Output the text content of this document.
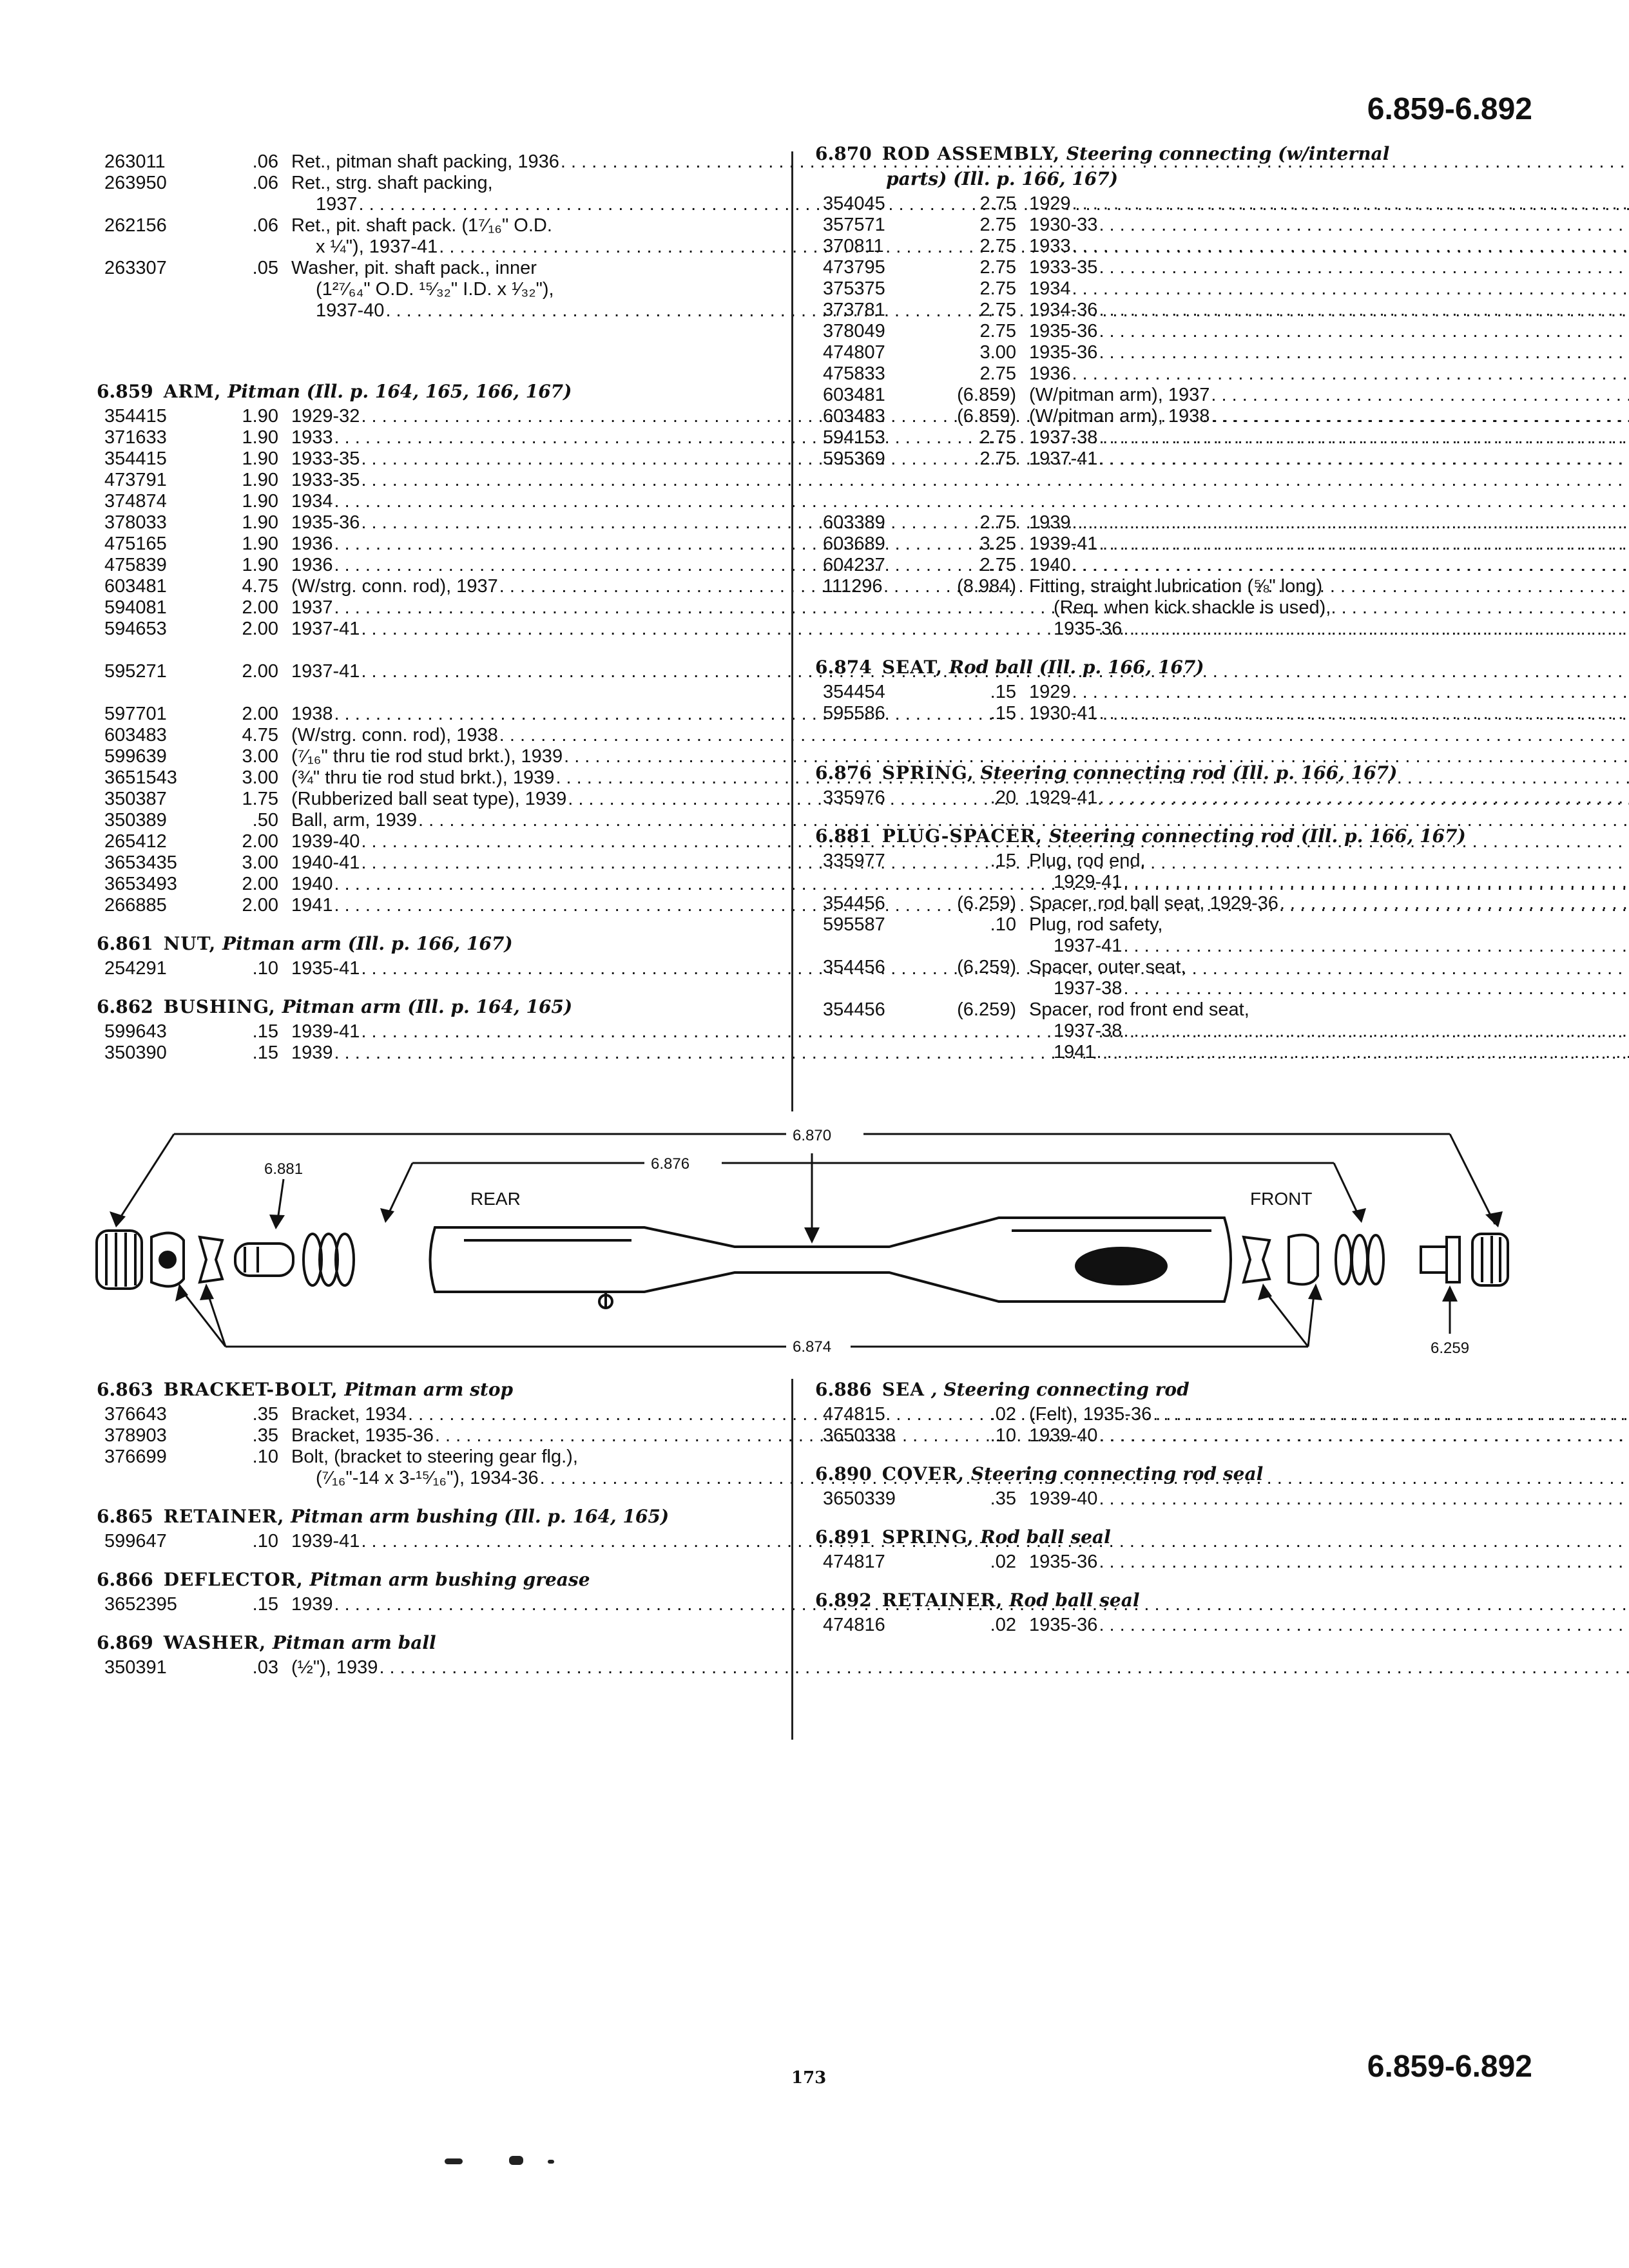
6.859-6.892
263011	.06 Ret., pitman shaft packing, 1936
. . .
263950	.06 Ret., strg. shaft packing,
1937
. . .
262156	.06 Ret., pit. shaft pack. (1⁷⁄₁₆" O.D.
x ¼"), 1937-41
. . .
263307	.05 Washer, pit. shaft pack., inner
(1²⁷⁄₆₄" O.D. ¹⁵⁄₃₂" I.D. x ¹⁄₃₂"),
1937-40
. . .
6.859 ARM, Pitman (Ill. p. 164, 165, 166, 167)
354415	1.90 1929-32
. . .
371633	1.90 1933
. . .
354415	1.90 1933-35
. . .
473791	1.90 1933-35
. . .
374874	1.90 1934
. . .
378033	1.90 1935-36
. . .
475165	1.90 1936
. . .
475839	1.90 1936
. . .
603481	4.75 (W/strg. conn. rod), 1937
. . .
594081	2.00 1937
. . .
594653	2.00 1937-41
. . .
595271	2.00 1937-41
. . .
597701	2.00 1938
. . .
603483	4.75 (W/strg. conn. rod), 1938
. . .
599639	3.00 (⁷⁄₁₆" thru tie rod stud brkt.), 1939
. . .
3651543	3.00 (¾" thru tie rod stud brkt.), 1939
. . .
350387	1.75 (Rubberized ball seat type), 1939
. . .
350389	.50 Ball, arm, 1939
. . .
265412	2.00 1939-40
. . .
3653435	3.00 1940-41
. . .
3653493	2.00 1940
. . .
266885	2.00 1941
. . .
6.861 NUT, Pitman arm (Ill. p. 166, 167)
254291	.10 1935-41
. . .
6.862 BUSHING, Pitman arm (Ill. p. 164, 165)
599643	.15 1939-41
. . .
350390	.15 1939
. . .
6.870 ROD ASSEMBLY, Steering connecting (w/internal
parts) (Ill. p. 166, 167)
354045	2.75 1929
. . .
357571	2.75 1930-33
. . .
370811	2.75 1933
. . .
473795	2.75 1933-35
. . .
375375	2.75 1934
. . .
373781	2.75 1934-36
. . .
378049	2.75 1935-36
. . .
474807	3.00 1935-36
. . .
475833	2.75 1936
. . .
603481	(6.859) (W/pitman arm), 1937
. . .
603483	(6.859) (W/pitman arm), 1938
. . .
594153	2.75 1937-38
. . .
595369	2.75 1937-41
. . .
603389	2.75 1939
. . .
603689	3.25 1939-41
. . .
604237	2.75 1940
. . .
111296	(8.984) Fitting, straight lubrication (⅝" long)
(Req. when kick shackle is used),
1935-36
. . .
6.874 SEAT, Rod ball (Ill. p. 166, 167)
354454	.15 1929
. . .
595586	.15 1930-41
. . .
6.876 SPRING, Steering connecting rod (Ill. p. 166, 167)
335976	.20 1929-41
. . .
6.881 PLUG-SPACER, Steering connecting rod (Ill. p. 166, 167)
335977	.15 Plug, rod end,
1929-41
. . .
354456	(6.259) Spacer, rod ball seat, 1929-36
. . .
595587	.10 Plug, rod safety,
1937-41
. . .
354456	(6.259) Spacer, outer seat,
1937-38
. . .
354456	(6.259) Spacer, rod front end seat,
1937-38
. . .
1941
. . .
6.870
6.876
6.881
6.874	6.259
REAR	FRONT
6.863 BRACKET-BOLT, Pitman arm stop
376643	.35 Bracket, 1934
. . .
378903	.35 Bracket, 1935-36
. . .
376699	.10 Bolt, (bracket to steering gear flg.),
(⁷⁄₁₆"-14 x 3-¹⁵⁄₁₆"), 1934-36
. . .
6.865 RETAINER, Pitman arm bushing (Ill. p. 164, 165)
599647	.10 1939-41
. . .
6.866 DEFLECTOR, Pitman arm bushing grease
3652395	.15 1939
. . .
6.869 WASHER, Pitman arm ball
350391	.03 (½"), 1939
. . .
6.886 SEA , Steering connecting rod
474815	.02 (Felt), 1935-36
. . .
3650338	.10 1939-40
. . .
6.890 COVER, Steering connecting rod seal
3650339	.35 1939-40
. . .
6.891 SPRING, Rod ball seal
474817	.02 1935-36
. . .
6.892 RETAINER, Rod ball seal
474816	.02 1935-36
. . .
173	6.859-6.892
